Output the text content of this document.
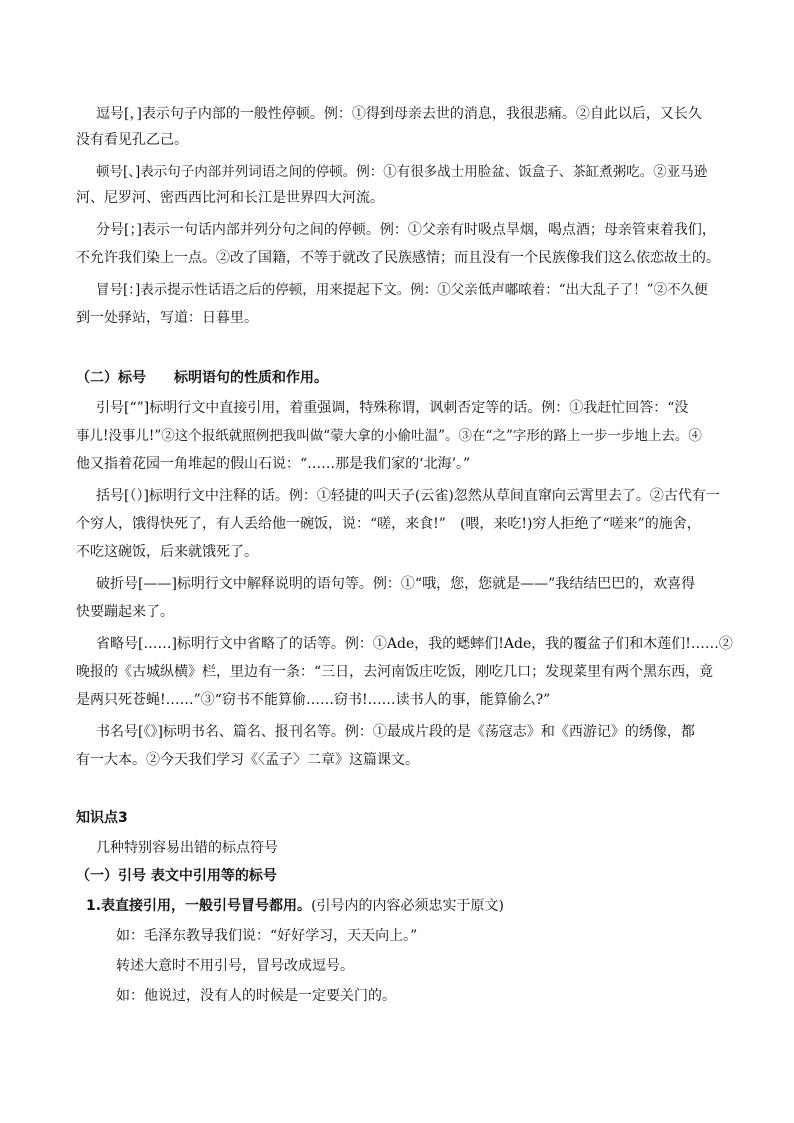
逗号[，]表示句子内部的一般性停顿。例：①得到母亲去世的消息，我很悲痛。②自此以后，又长久
没有看见孔乙己。
顿号[、]表示句子内部并列词语之间的停顿。例：①有很多战士用脸盆、饭盒子、茶缸煮粥吃。②亚马逊
河、尼罗河、密西西比河和长江是世界四大河流。
分号[；]表示一句话内部并列分句之间的停顿。例：①父亲有时吸点旱烟，喝点酒；母亲管束着我们，
不允许我们染上一点。②改了国籍，不等于就改了民族感情；而且没有一个民族像我们这么依恋故土的。
冒号[：]表示提示性话语之后的停顿，用来提起下文。例：①父亲低声嘟哝着：“出大乱子了！”②不久便
到一处驿站，写道：日暮里。
（二）标号　　标明语句的性质和作用。
引号[“”]标明行文中直接引用，着重强调，特殊称谓，讽刺否定等的话。例：①我赶忙回答：“没
事儿!没事儿!”②这个报纸就照例把我叫做“蒙大拿的小偷吐温”。③在“之”字形的路上一步一步地上去。④
他又指着花园一角堆起的假山石说：“……那是我们家的‘北海’。”
括号[（）]标明行文中注释的话。例：①轻捷的叫天子(云雀)忽然从草间直窜向云霄里去了。②古代有一
个穷人，饿得快死了，有人丢给他一碗饭，说：“嗟，来食!”　(喂，来吃!)穷人拒绝了“嗟来”的施舍，
不吃这碗饭，后来就饿死了。
破折号[——]标明行文中解释说明的语句等。例：①“哦，您，您就是——”我结结巴巴的，欢喜得
快要蹦起来了。
省略号[……]标明行文中省略了的话等。例：①Ade，我的蟋蟀们!Ade，我的覆盆子们和木莲们!……②
晚报的《古城纵横》栏，里边有一条：“三日，去河南饭庄吃饭，刚吃几口；发现菜里有两个黑东西，竟
是两只死苍蝇!……”③“窃书不能算偷……窃书!……读书人的事，能算偷么?”
书名号[《》]标明书名、篇名、报刊名等。例：①最成片段的是《荡寇志》和《西游记》的绣像，都
有一大本。②今天我们学习《〈孟子〉二章》这篇课文。
知识点3
几种特别容易出错的标点符号
（一）引号 表文中引用等的标号
1.表直接引用，一般引号冒号都用。(引号内的内容必须忠实于原文)
如：毛泽东教导我们说：“好好学习，天天向上。”
转述大意时不用引号，冒号改成逗号。
如：他说过，没有人的时候是一定要关门的。
